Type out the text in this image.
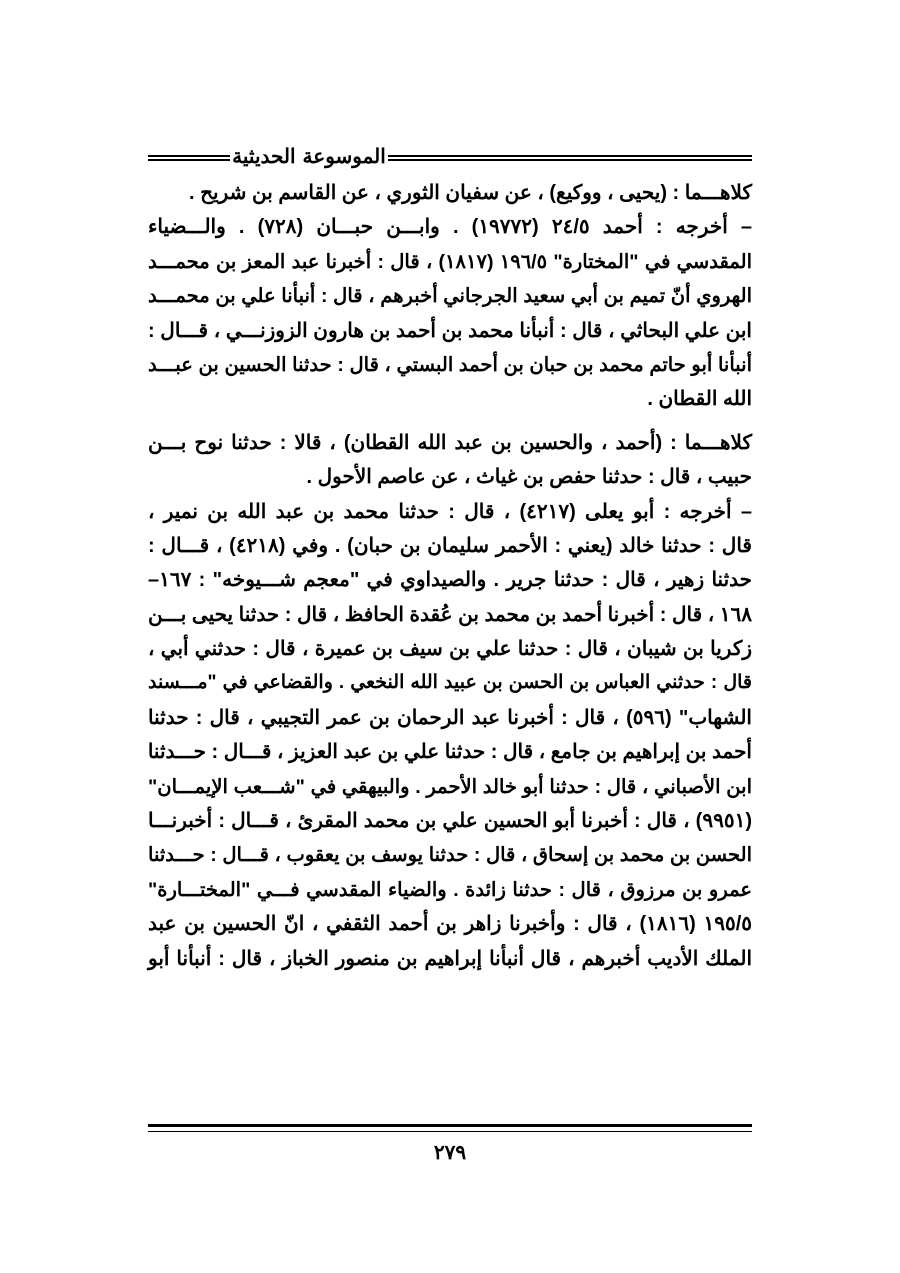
الموسوعة الحديثية
كلاهـــما : (يحيى ، ووكيع) ، عن سفيان الثوري ، عن القاسم بن شريح .
– أخرجه : أحمد ٢٤/٥ (١٩٧٧٢) . وابـــن حبـــان (٧٢٨) . والـــضياء
المقدسي في "المختارة" ١٩٦/٥ (١٨١٧) ، قال : أخبرنا عبد المعز بن محمـــد
الهروي أنّ تميم بن أبي سعيد الجرجاني أخبرهم ، قال : أنبأنا علي بن محمـــد
ابن علي البحاثي ، قال : أنبأنا محمد بن أحمد بن هارون الزوزنـــي ، قـــال :
أنبأنا أبو حاتم محمد بن حبان بن أحمد البستي ، قال : حدثنا الحسين بن عبـــد
الله القطان .
كلاهـــما : (أحمد ، والحسين بن عبد الله القطان) ، قالا : حدثنا نوح بـــن
حبيب ، قال : حدثنا حفص بن غياث ، عن عاصم الأحول .
– أخرجه : أبو يعلى (٤٢١٧) ، قال : حدثنا محمد بن عبد الله بن نمير ،
قال : حدثنا خالد (يعني : الأحمر سليمان بن حبان) . وفي (٤٢١٨) ، قـــال :
حدثنا زهير ، قال : حدثنا جرير . والصيداوي في "معجم شـــيوخه" : ١٦٧–
١٦٨ ، قال : أخبرنا أحمد بن محمد بن عُقدة الحافظ ، قال : حدثنا يحيى بـــن
زكريا بن شيبان ، قال : حدثنا علي بن سيف بن عميرة ، قال : حدثني أبي ،
قال : حدثني العباس بن الحسن بن عبيد الله النخعي . والقضاعي في "مـــسند
الشهاب" (٥٩٦) ، قال : أخبرنا عبد الرحمان بن عمر التجيبي ، قال : حدثنا
أحمد بن إبراهيم بن جامع ، قال : حدثنا علي بن عبد العزيز ، قـــال : حـــدثنا
ابن الأصباني ، قال : حدثنا أبو خالد الأحمر . والبيهقي في "شـــعب الإيمـــان"
(٩٩٥١) ، قال : أخبرنا أبو الحسين علي بن محمد المقرئ ، قـــال : أخبرنـــا
الحسن بن محمد بن إسحاق ، قال : حدثنا يوسف بن يعقوب ، قـــال : حـــدثنا
عمرو بن مرزوق ، قال : حدثنا زائدة . والضياء المقدسي فـــي "المختـــارة"
١٩٥/٥ (١٨١٦) ، قال : وأخبرنا زاهر بن أحمد الثقفي ، انّ الحسين بن عبد
الملك الأديب أخبرهم ، قال أنبأنا إبراهيم بن منصور الخباز ، قال : أنبأنا أبو
٢٧٩
